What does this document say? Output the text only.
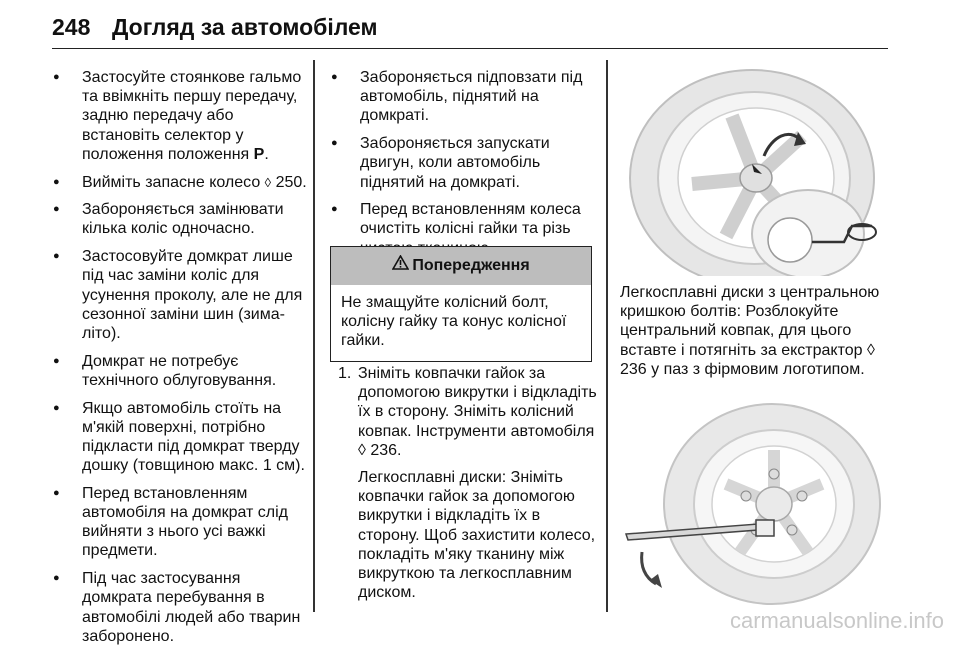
248 Догляд за автомобілем
● Застосуйте стоянкове гальмо та ввімкніть першу передачу, задню передачу або встановіть селектор у положення положення P.
● Вийміть запасне колесо ◊ 250.
● Забороняється замінювати кілька коліс одночасно.
● Застосовуйте домкрат лише під час заміни коліс для усунення проколу, але не для сезонної заміни шин (зима-літо).
● Домкрат не потребує технічного облуговування.
● Якщо автомобіль стоїть на м'якій поверхні, потрібно підкласти під домкрат тверду дошку (товщиною макс. 1 см).
● Перед встановленням автомобіля на домкрат слід вийняти з нього усі важкі предмети.
● Під час застосування домкрата перебування в автомобілі людей або тварин заборонено.
● Забороняється підповзати під автомобіль, піднятий на домкраті.
● Забороняється запускати двигун, коли автомобіль піднятий на домкраті.
● Перед встановленням колеса очистіть колісні гайки та різь
Попередження
Не змащуйте колісний болт, колісну гайку та конус колісної гайки.
1. Зніміть ковпачки гайок за допомогою викрутки і відкладіть їх в сторону. Зніміть колісний ковпак. Інструменти автомобіля
◊ 236.
Легкосплавні диски: Зніміть ковпачки гайок за допомогою викрутки і відкладіть їх в сторону. Щоб захистити колесо, покладіть м'яку тканину між викруткою та легкосплавним диском.
Легкосплавні диски з центральною кришкою болтів: Розблокуйте центральний ковпак, для цього вставте і потягніть за екстрактор ◊ 236 у паз з фірмовим логотипом.
carmanualsonline.info
